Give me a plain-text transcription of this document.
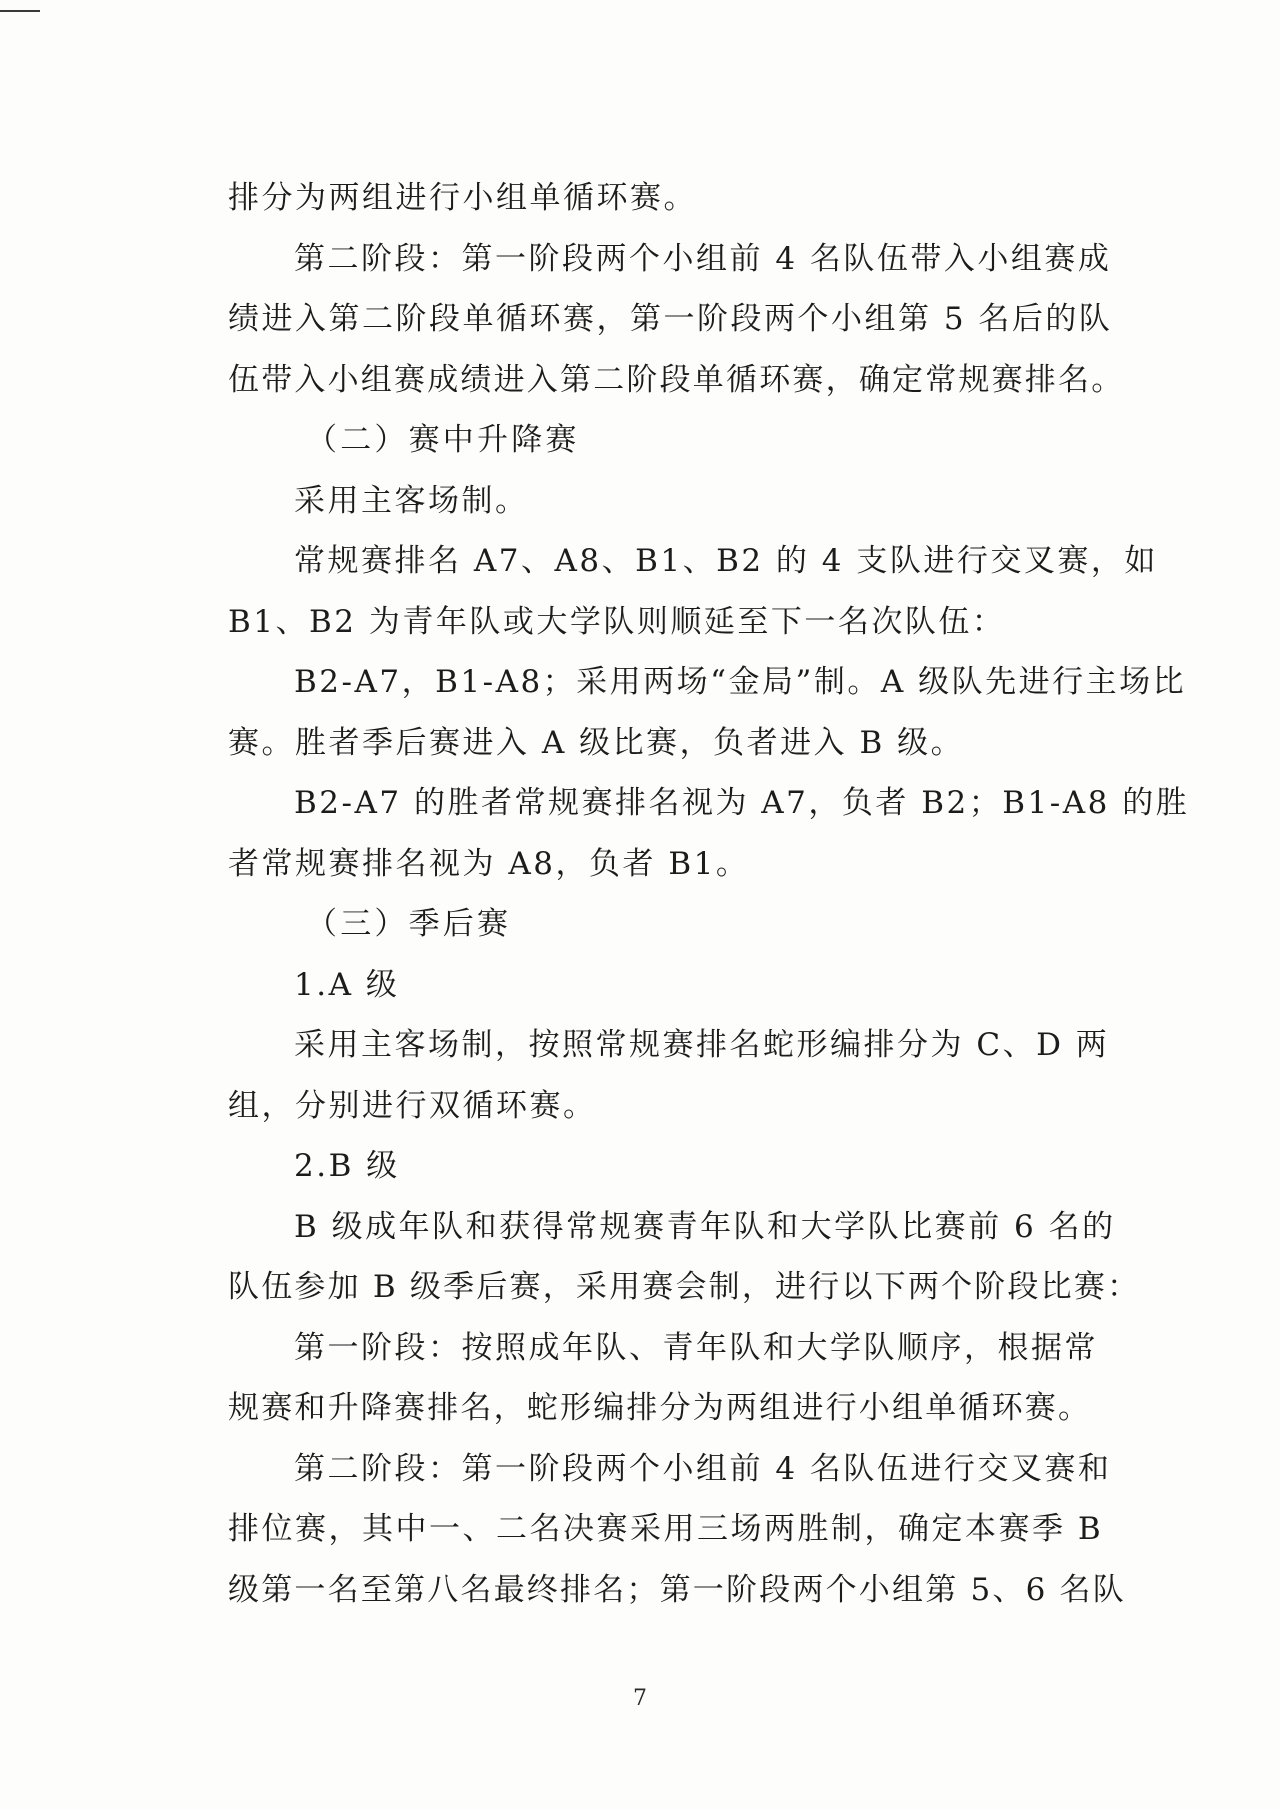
排分为两组进行小组单循环赛。
第二阶段：第一阶段两个小组前 4 名队伍带入小组赛成
绩进入第二阶段单循环赛，第一阶段两个小组第 5 名后的队
伍带入小组赛成绩进入第二阶段单循环赛，确定常规赛排名。
（二）赛中升降赛
采用主客场制。
常规赛排名 A7、A8、B1、B2 的 4 支队进行交叉赛，如
B1、B2 为青年队或大学队则顺延至下一名次队伍：
B2-A7，B1-A8；采用两场“金局”制。A 级队先进行主场比
赛。胜者季后赛进入 A 级比赛，负者进入 B 级。
B2-A7 的胜者常规赛排名视为 A7，负者 B2；B1-A8 的胜
者常规赛排名视为 A8，负者 B1。
（三）季后赛
1.A 级
采用主客场制，按照常规赛排名蛇形编排分为 C、D 两
组，分别进行双循环赛。
2.B 级
B 级成年队和获得常规赛青年队和大学队比赛前 6 名的
队伍参加 B 级季后赛，采用赛会制，进行以下两个阶段比赛：
第一阶段：按照成年队、青年队和大学队顺序，根据常
规赛和升降赛排名，蛇形编排分为两组进行小组单循环赛。
第二阶段：第一阶段两个小组前 4 名队伍进行交叉赛和
排位赛，其中一、二名决赛采用三场两胜制，确定本赛季 B
级第一名至第八名最终排名；第一阶段两个小组第 5、6 名队
7
